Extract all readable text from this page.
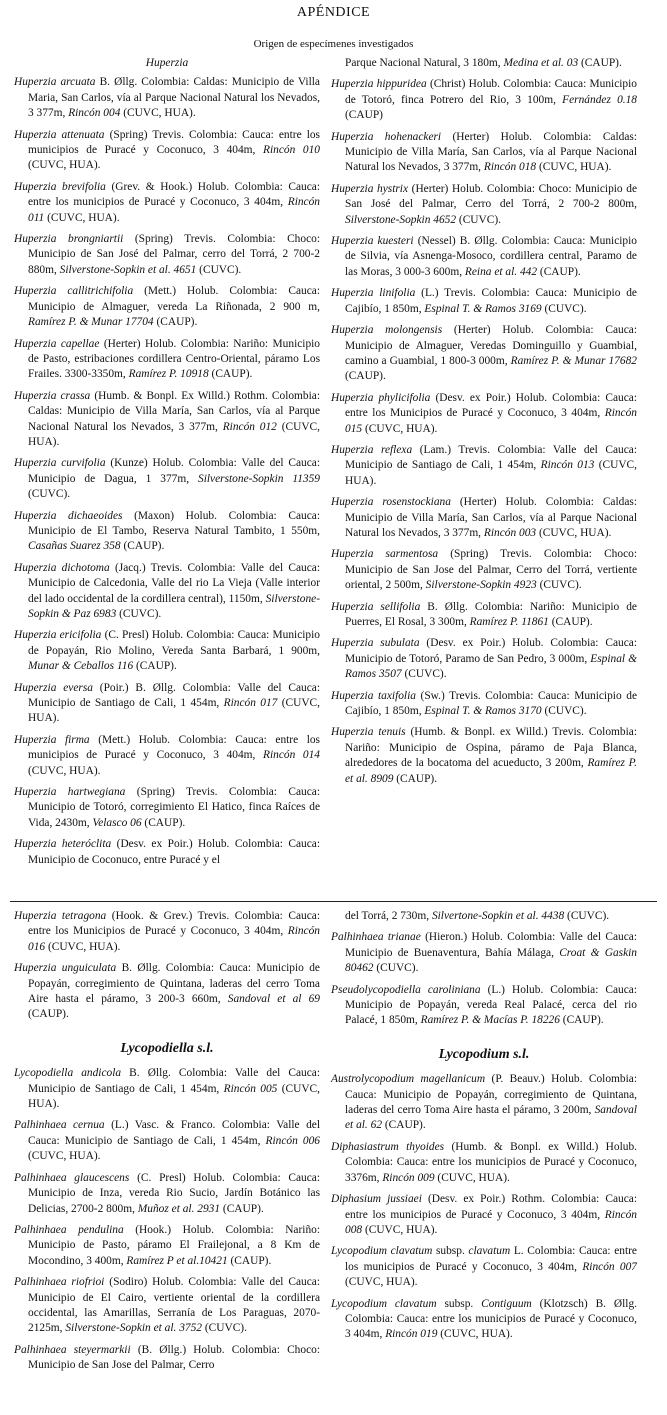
APÉNDICE
Origen de especímenes investigados
Huperzia

Huperzia arcuata B. Øllg. Colombia: Caldas: Municipio de Villa Maria, San Carlos, vía al Parque Nacional Natural los Nevados, 3 377m, Rincón 004 (CUVC, HUA).

Huperzia attenuata (Spring) Trevis. Colombia: Cauca: entre los municipios de Puracé y Coconuco, 3 404m, Rincón 010 (CUVC, HUA).

Huperzia brevifolia (Grev. & Hook.) Holub. Colombia: Cauca: entre los municipios de Puracé y Coconuco, 3 404m, Rincón 011 (CUVC, HUA).

Huperzia brongniartii (Spring) Trevis. Colombia: Choco: Municipio de San José del Palmar, cerro del Torrá, 2 700-2 880m, Silverstone-Sopkin et al. 4651 (CUVC).

Huperzia callitrichifolia (Mett.) Holub. Colombia: Cauca: Municipio de Almaguer, vereda La Riñonada, 2 900 m, Ramírez P. & Munar 17704 (CAUP).

Huperzia capellae (Herter) Holub. Colombia: Nariño: Municipio de Pasto, estribaciones cordillera Centro-Oriental, páramo Los Frailes. 3300-3350m, Ramírez P. 10918 (CAUP).

Huperzia crassa (Humb. & Bonpl. Ex Willd.) Rothm. Colombia: Caldas: Municipio de Villa María, San Carlos, vía al Parque Nacional Natural los Nevados, 3 377m, Rincón 012 (CUVC, HUA).

Huperzia curvifolia (Kunze) Holub. Colombia: Valle del Cauca: Municipio de Dagua, 1 377m, Silverstone-Sopkin 11359 (CUVC).

Huperzia dichaeoides (Maxon) Holub. Colombia: Cauca: Municipio de El Tambo, Reserva Natural Tambito, 1 550m, Casañas Suarez 358 (CAUP).

Huperzia dichotoma (Jacq.) Trevis. Colombia: Valle del Cauca: Municipio de Calcedonia, Valle del rio La Vieja (Valle interior del lado occidental de la cordillera central), 1150m, Silverstone-Sopkin & Paz 6983 (CUVC).

Huperzia ericifolia (C. Presl) Holub. Colombia: Cauca: Municipio de Popayán, Rio Molino, Vereda Santa Barbará, 1 900m, Munar & Ceballos 116 (CAUP).

Huperzia eversa (Poir.) B. Øllg. Colombia: Valle del Cauca: Municipio de Santiago de Cali, 1 454m, Rincón 017 (CUVC, HUA).

Huperzia firma (Mett.) Holub. Colombia: Cauca: entre los municipios de Puracé y Coconuco, 3 404m, Rincón 014 (CUVC, HUA).

Huperzia hartwegiana (Spring) Trevis. Colombia: Cauca: Municipio de Totoró, corregimiento El Hatico, finca Raíces de Vida, 2430m, Velasco 06 (CAUP).

Huperzia heteróclita (Desv. ex Poir.) Holub. Colombia: Cauca: Municipio de Coconuco, entre Puracé y el

Parque Nacional Natural, 3 180m, Medina et al. 03 (CAUP).

Huperzia hippuridea (Christ) Holub. Colombia: Cauca: Municipio de Totoró, finca Potrero del Rio, 3 100m, Fernández 0.18 (CAUP)

Huperzia hohenackeri (Herter) Holub. Colombia: Caldas: Municipio de Villa María, San Carlos, vía al Parque Nacional Natural los Nevados, 3 377m, Rincón 018 (CUVC, HUA).

Huperzia hystrix (Herter) Holub. Colombia: Choco: Municipio de San José del Palmar, Cerro del Torrá, 2 700-2 800m, Silverstone-Sopkin 4652 (CUVC).

Huperzia kuesteri (Nessel) B. Øllg. Colombia: Cauca: Municipio de Silvia, vía Asnenga-Mosoco, cordillera central, Paramo de las Moras, 3 000-3 600m, Reina et al. 442 (CAUP).

Huperzia linifolia (L.) Trevis. Colombia: Cauca: Municipio de Cajibío, 1 850m, Espinal T. & Ramos 3169 (CUVC).

Huperzia molongensis (Herter) Holub. Colombia: Cauca: Municipio de Almaguer, Veredas Dominguillo y Guambial, camino a Guambial, 1 800-3 000m, Ramírez P. & Munar 17682 (CAUP).

Huperzia phylicifolia (Desv. ex Poir.) Holub. Colombia: Cauca: entre los Municipios de Puracé y Coconuco, 3 404m, Rincón 015 (CUVC, HUA).

Huperzia reflexa (Lam.) Trevis. Colombia: Valle del Cauca: Municipio de Santiago de Cali, 1 454m, Rincón 013 (CUVC, HUA).

Huperzia rosenstockiana (Herter) Holub. Colombia: Caldas: Municipio de Villa María, San Carlos, vía al Parque Nacional Natural los Nevados, 3 377m, Rincón 003 (CUVC, HUA).

Huperzia sarmentosa (Spring) Trevis. Colombia: Choco: Municipio de San Jose del Palmar, Cerro del Torrá, vertiente oriental, 2 500m, Silverstone-Sopkin 4923 (CUVC).

Huperzia sellifolia B. Øllg. Colombia: Nariño: Municipio de Puerres, El Rosal, 3 300m, Ramírez P. 11861 (CAUP).

Huperzia subulata (Desv. ex Poir.) Holub. Colombia: Cauca: Municipio de Totoró, Paramo de San Pedro, 3 000m, Espinal & Ramos 3507 (CUVC).

Huperzia taxifolia (Sw.) Trevis. Colombia: Cauca: Municipio de Cajibío, 1 850m, Espinal T. & Ramos 3170 (CUVC).

Huperzia tenuis (Humb. & Bonpl. ex Willd.) Trevis. Colombia: Nariño: Municipio de Ospina, páramo de Paja Blanca, alrededores de la bocatoma del acueducto, 3 200m, Ramírez P. et al. 8909 (CAUP).

Huperzia tetragona (Hook. & Grev.) Trevis. Colombia: Cauca: entre los Municipios de Puracé y Coconuco, 3 404m, Rincón 016 (CUVC, HUA).

Huperzia unguiculata B. Øllg. Colombia: Cauca: Municipio de Popayán, corregimiento de Quintana, laderas del cerro Toma Aire hasta el páramo, 3 200-3 660m, Sandoval et al 69 (CAUP).

Lycopodiella s.l.

Lycopodiella andicola B. Øllg. Colombia: Valle del Cauca: Municipio de Santiago de Cali, 1 454m, Rincón 005 (CUVC, HUA).

Palhinhaea cernua (L.) Vasc. & Franco. Colombia: Valle del Cauca: Municipio de Santiago de Cali, 1 454m, Rincón 006 (CUVC, HUA).

Palhinhaea glaucescens (C. Presl) Holub. Colombia: Cauca: Municipio de Inza, vereda Rio Sucio, Jardín Botánico las Delicias, 2700-2 800m, Muñoz et al. 2931 (CAUP).

Palhinhaea pendulina (Hook.) Holub. Colombia: Nariño: Municipio de Pasto, páramo El Frailejonal, a 8 Km de Mocondino, 3 400m, Ramírez P et al.10421 (CAUP).

Palhinhaea riofrioi (Sodiro) Holub. Colombia: Valle del Cauca: Municipio de El Cairo, vertiente oriental de la cordillera occidental, las Amarillas, Serranía de Los Paraguas, 2070-2125m, Silverstone-Sopkin et al. 3752 (CUVC).

Palhinhaea steyermarkii (B. Øllg.) Holub. Colombia: Choco: Municipio de San Jose del Palmar, Cerro

del Torrá, 2 730m, Silvertone-Sopkin et al. 4438 (CUVC).

Palhinhaea trianae (Hieron.) Holub. Colombia: Valle del Cauca: Municipio de Buenaventura, Bahía Málaga, Croat & Gaskin 80462 (CUVC).

Pseudolycopodiella caroliniana (L.) Holub. Colombia: Cauca: Municipio de Popayán, vereda Real Palacé, cerca del rio Palacé, 1 850m, Ramírez P. & Macías P. 18226 (CAUP).

Lycopodium s.l.

Austrolycopodium magellanicum (P. Beauv.) Holub. Colombia: Cauca: Municipio de Popayán, corregimiento de Quintana, laderas del cerro Toma Aire hasta el páramo, 3 200m, Sandoval et al. 62 (CAUP).

Diphasiastrum thyoides (Humb. & Bonpl. ex Willd.) Holub. Colombia: Cauca: entre los municipios de Puracé y Coconuco, 3376m, Rincón 009 (CUVC, HUA).

Diphasium jussiaei (Desv. ex Poir.) Rothm. Colombia: Cauca: entre los municipios de Puracé y Coconuco, 3 404m, Rincón 008 (CUVC, HUA).

Lycopodium clavatum subsp. clavatum L. Colombia: Cauca: entre los municipios de Puracé y Coconuco, 3 404m, Rincón 007 (CUVC, HUA).

Lycopodium clavatum subsp. Contiguum (Klotzsch) B. Øllg. Colombia: Cauca: entre los municipios de Puracé y Coconuco, 3 404m, Rincón 019 (CUVC, HUA).
